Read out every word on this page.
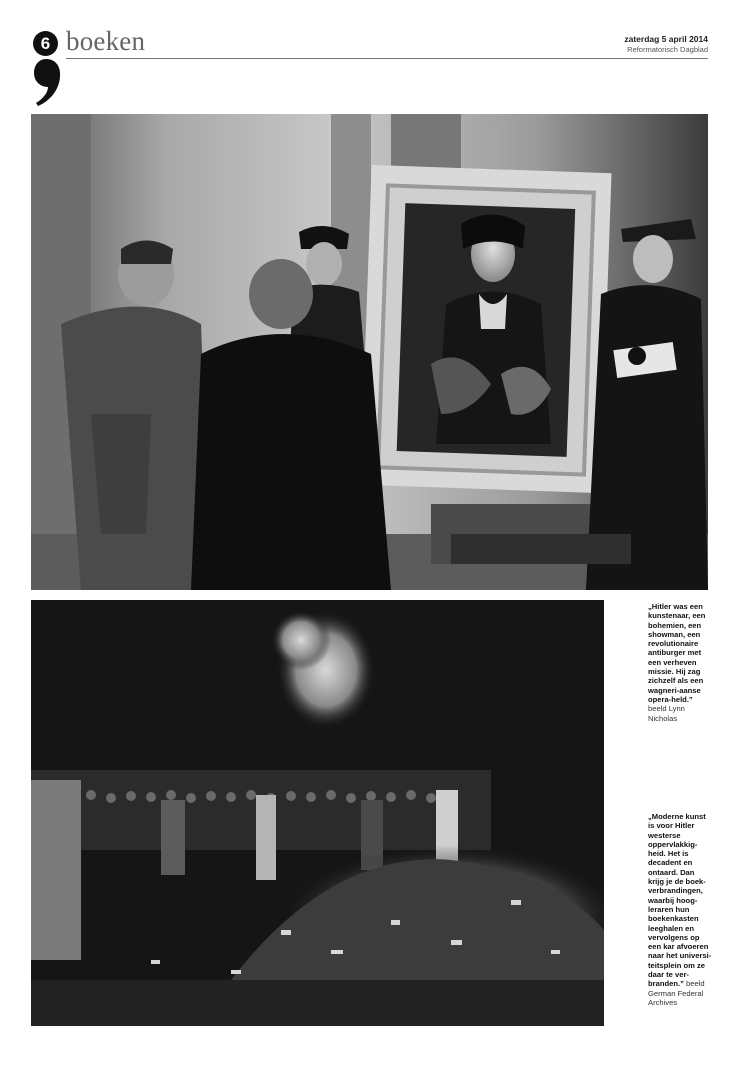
6 boeken	zaterdag 5 april 2014
Reformatorisch Dagblad
„Hitler was een kunstenaar, een bohemien, een showman, een revolutionaire antiburger met een verheven missie. Hij zag zichzelf als een wagneri-aanse opera-held.” beeld Lynn Nicholas
„Moderne kunst is voor Hitler westerse oppervlakkig-heid. Het is decadent en ontaard. Dan krijg je de boek-verbrandingen, waarbij hoog-leraren hun boekenkasten leeghalen en vervolgens op een kar afvoeren naar het universi-teitsplein om ze daar te ver-branden.” beeld German Federal Archives
